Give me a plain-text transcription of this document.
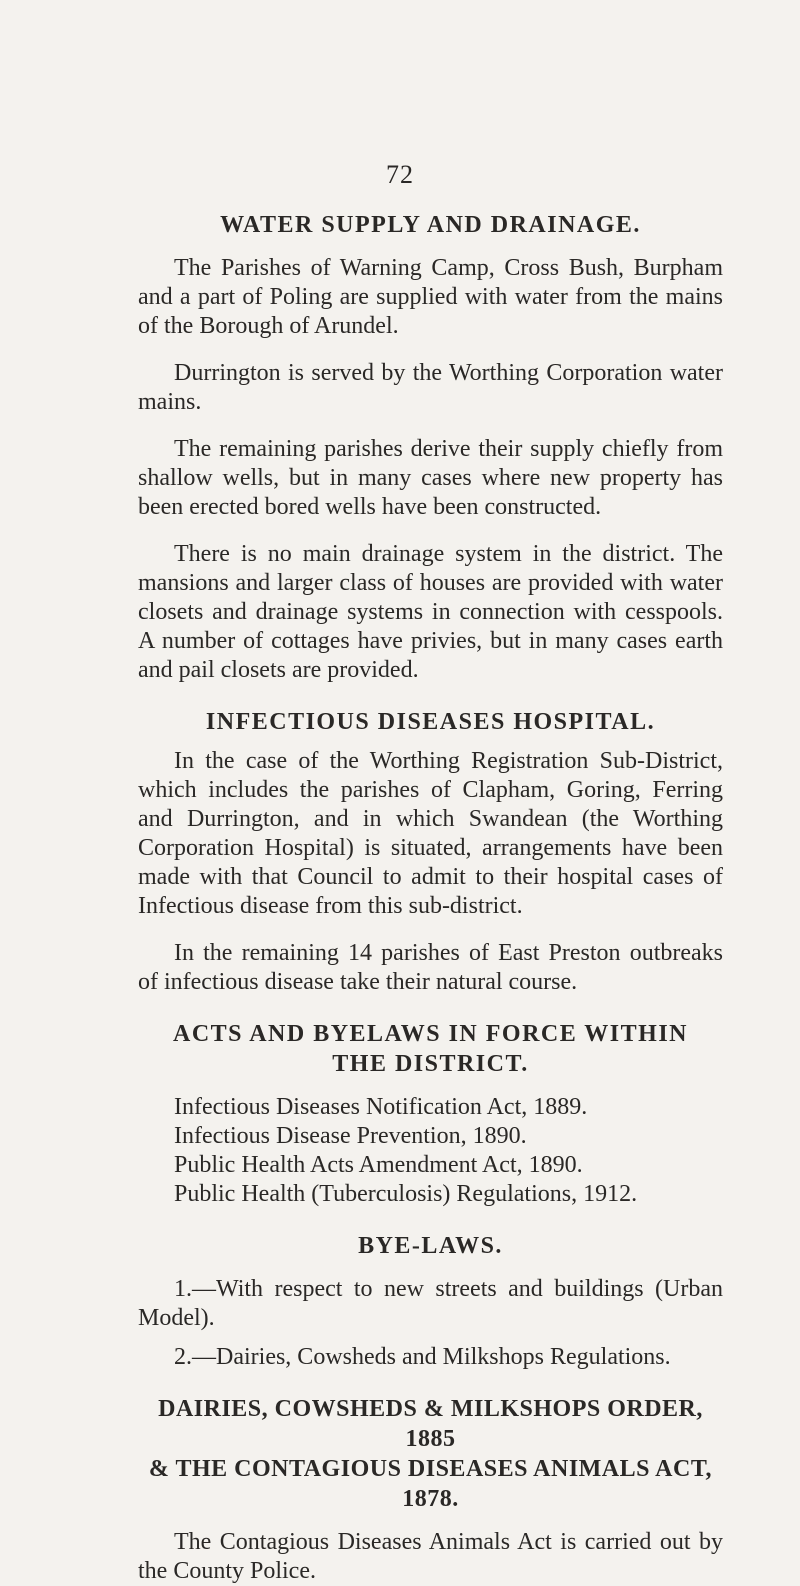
72
WATER SUPPLY AND DRAINAGE.

The Parishes of Warning Camp, Cross Bush, Burpham and a part of Poling are supplied with water from the mains of the Borough of Arundel.

Durrington is served by the Worthing Corporation water mains.

The remaining parishes derive their supply chiefly from shallow wells, but in many cases where new property has been erected bored wells have been constructed.

There is no main drainage system in the district. The mansions and larger class of houses are provided with water closets and drainage systems in connection with cesspools. A number of cottages have privies, but in many cases earth and pail closets are provided.

INFECTIOUS DISEASES HOSPITAL.

In the case of the Worthing Registration Sub-District, which includes the parishes of Clapham, Goring, Ferring and Durrington, and in which Swandean (the Worthing Corporation Hospital) is situated, arrangements have been made with that Council to admit to their hospital cases of Infectious disease from this sub-district.

In the remaining 14 parishes of East Preston outbreaks of infectious disease take their natural course.

ACTS AND BYELAWS IN FORCE WITHIN
THE DISTRICT.
Infectious Diseases Notification Act, 1889.
Infectious Disease Prevention, 1890.
Public Health Acts Amendment Act, 1890.
Public Health (Tuberculosis) Regulations, 1912.
BYE-LAWS.

1.—With respect to new streets and buildings (Urban Model).

2.—Dairies, Cowsheds and Milkshops Regulations.

DAIRIES, COWSHEDS & MILKSHOPS ORDER, 1885
& THE CONTAGIOUS DISEASES ANIMALS ACT, 1878.

The Contagious Diseases Animals Act is carried out by the County Police.
